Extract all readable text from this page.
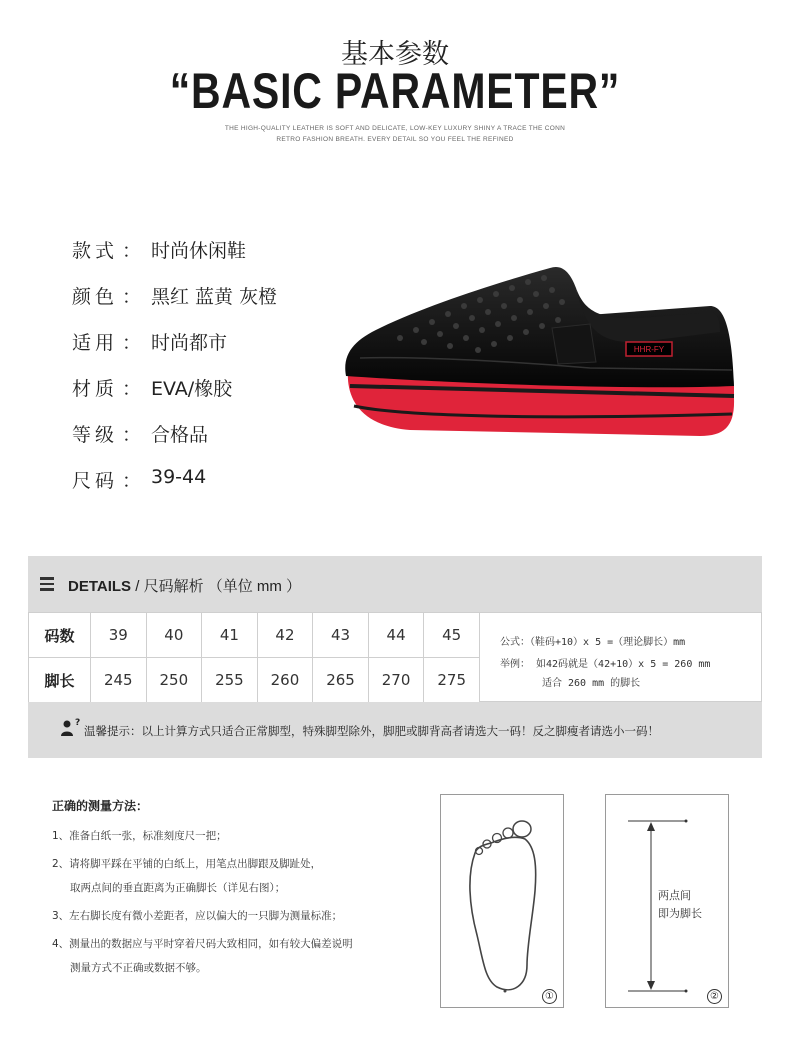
基本参数
“BASIC PARAMETER”
THE HIGH-QUALITY LEATHER IS SOFT AND DELICATE, LOW-KEY LUXURY SHINY A TRACE THE CONN
RETRO FASHION BREATH. EVERY DETAIL SO YOU FEEL THE REFINED
款式 ： 时尚休闲鞋
颜色 ： 黑红 蓝黄 灰橙
适用 ： 时尚都市
材质 ： EVA/橡胶
等级 ： 合格品
尺码 ： 39-44
HHR-FY
DETAILS / 尺码解析 （单位 mm ）
码数	39	40	41	42	43	44	45
脚长	245	250	255	260	265	270	275
公式：（鞋码+10）x 5 =（理论脚长）mm
举例： 如42码就是（42+10）x 5 = 260 mm
适合 260 mm 的脚长
?
温馨提示：以上计算方式只适合正常脚型，特殊脚型除外，脚肥或脚背高者请选大一码！反之脚瘦者请选小一码！
正确的测量方法：
1、准备白纸一张，标准刻度尺一把；
2、请将脚平踩在平铺的白纸上，用笔点出脚跟及脚趾处，
取两点间的垂直距离为正确脚长（详见右图）；
3、左右脚长度有微小差距者，应以偏大的一只脚为测量标准；
4、测量出的数据应与平时穿着尺码大致相同，如有较大偏差说明
测量方式不正确或数据不够。
①
两点间
即为脚长
②
